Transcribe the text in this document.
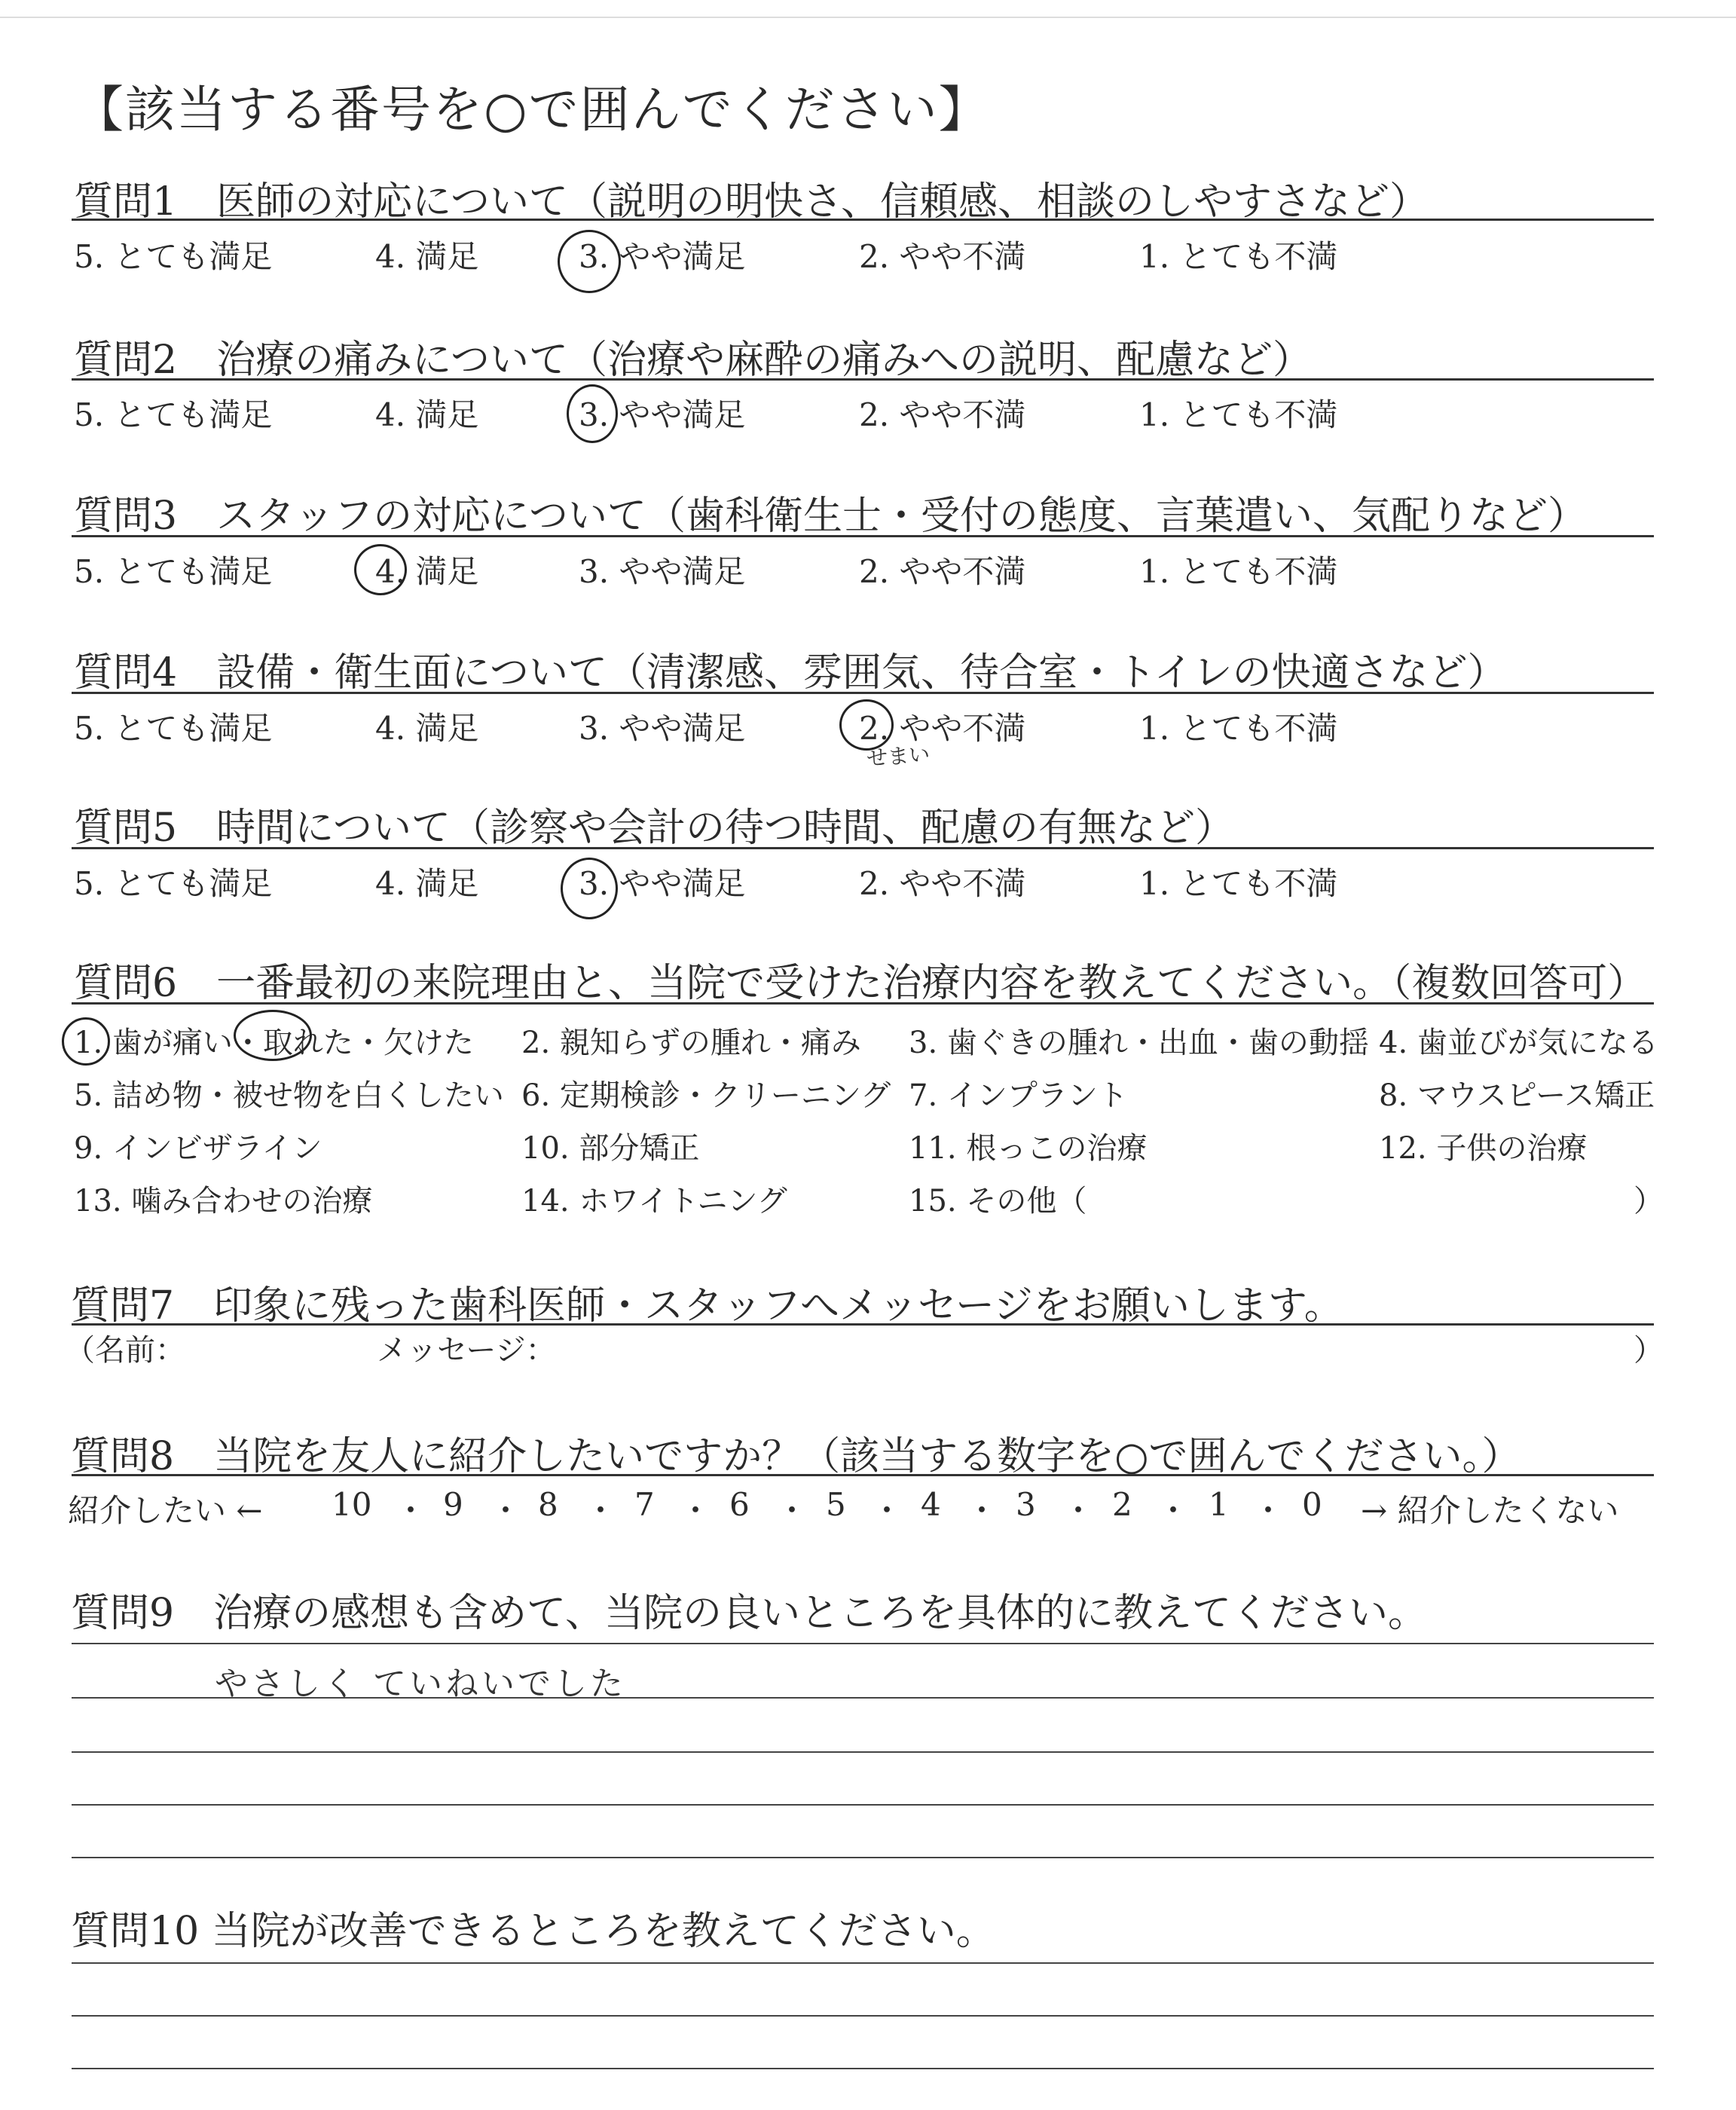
【該当する番号を○で囲んでください】
質問1　医師の対応について（説明の明快さ、信頼感、相談のしやすさなど）
5. とても満足	4. 満足	3. やや満足	2. やや不満	1. とても不満
質問2　治療の痛みについて（治療や麻酔の痛みへの説明、配慮など）
5. とても満足	4. 満足	3. やや満足	2. やや不満	1. とても不満
質問3　スタッフの対応について（歯科衛生士・受付の態度、言葉遣い、気配りなど）
5. とても満足	4. 満足	3. やや満足	2. やや不満	1. とても不満
質問4　設備・衛生面について（清潔感、雰囲気、待合室・トイレの快適さなど）
5. とても満足	4. 満足	3. やや満足	2. やや不満	1. とても不満
せまい
質問5　時間について（診察や会計の待つ時間、配慮の有無など）
5. とても満足	4. 満足	3. やや満足	2. やや不満	1. とても不満
質問6　一番最初の来院理由と、当院で受けた治療内容を教えてください。（複数回答可）
1. 歯が痛い・取れた・欠けた 2. 親知らずの腫れ・痛み 3. 歯ぐきの腫れ・出血・歯の動揺 4. 歯並びが気になる
5. 詰め物・被せ物を白くしたい 6. 定期検診・クリーニング 7. インプラント	8. マウスピース矯正
9. インビザライン	10. 部分矯正	11. 根っこの治療	12. 子供の治療
13. 噛み合わせの治療	14. ホワイトニング	15. その他（	）
質問7　印象に残った歯科医師・スタッフへメッセージをお願いします。
（名前：	メッセージ：	）
質問8　当院を友人に紹介したいですか？（該当する数字を○で囲んでください。）
紹介したい ←	→ 紹介したくない
10 ・ 9 ・ 8 ・ 7 ・ 6 ・ 5 ・ 4 ・ 3 ・ 2 ・ 1 ・ 0
質問9　治療の感想も含めて、当院の良いところを具体的に教えてください。
やさしく ていねいでした
質問10 当院が改善できるところを教えてください。
